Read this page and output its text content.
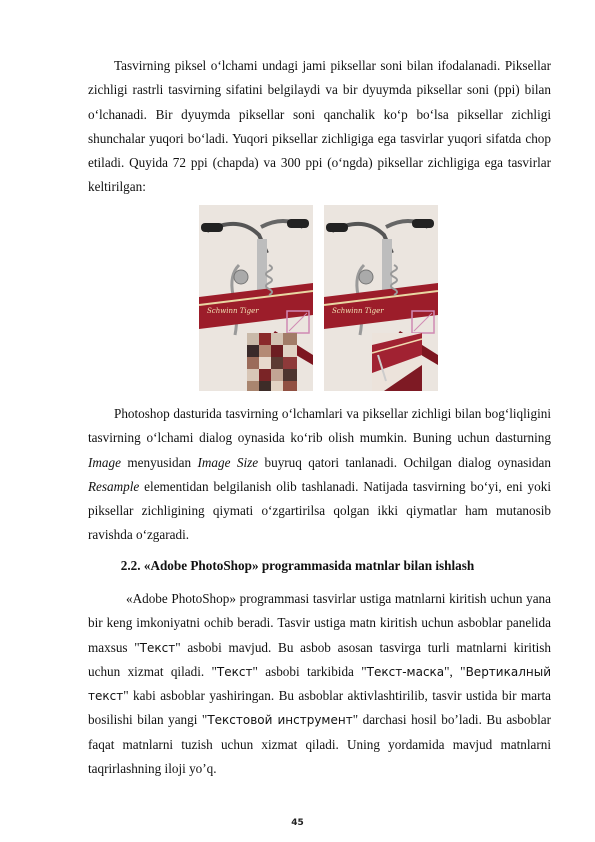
Tasvirning piksel o‘lchami undagi jami piksellar soni bilan ifodalanadi. Piksellar zichligi rastrli tasvirning sifatini belgilaydi va bir dyuymda piksellar soni (ppi) bilan o‘lchanadi. Bir dyuymda piksellar soni qanchalik ko‘p bo‘lsa piksellar zichligi shunchalar yuqori bo‘ladi. Yuqori piksellar zichligiga ega tasvirlar yuqori sifatda chop etiladi. Quyida 72 ppi (chapda) va 300 ppi (o‘ngda) piksellar zichligiga ega tasvirlar keltirilgan:

Schwinn Tiger	Schwinn Tiger

Photoshop dasturida tasvirning o‘lchamlari va piksellar zichligi bilan bog‘liqligini tasvirning o‘lchami dialog oynasida ko‘rib olish mumkin. Buning uchun dasturning Image menyusidan Image Size buyruq qatori tanlanadi. Ochilgan dialog oynasidan Resample elementidan belgilanish olib tashlanadi. Natijada tasvirning bo‘yi, eni yoki piksellar zichligining qiymati o‘zgartirilsa qolgan ikki qiymatlar ham mutanosib ravishda o‘zgaradi.

2.2. «Adobe PhotoShop» programmasida matnlar bilan ishlash

«Adobe PhotoShop» programmasi tasvirlar ustiga matnlarni kiritish uchun yana bir keng imkoniyatni ochib beradi. Tasvir ustiga matn kiritish uchun asboblar panelida maxsus "Текст" asbobi mavjud. Bu asbob asosan tasvirga turli matnlarni kiritish uchun xizmat qiladi. "Текст" asbobi tarkibida "Текст-маска", "Вертикалный текст" kabi asboblar yashiringan. Bu asboblar aktivlashtirilib, tasvir ustida bir marta bosilishi bilan yangi "Текстовой инструмент" darchasi hosil bo’ladi. Bu asboblar faqat matnlarni tuzish uchun xizmat qiladi. Uning yordamida mavjud matnlarni taqrirlashning iloji yo’q.

45
